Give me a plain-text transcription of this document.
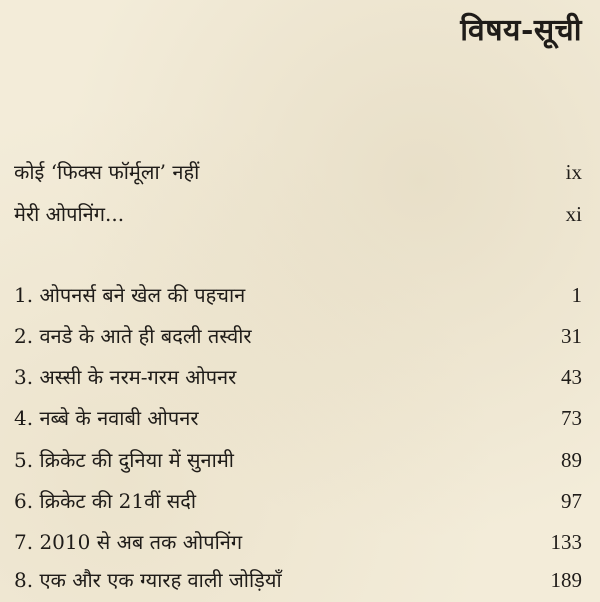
विषय-सूची
कोई ‘फिक्स फॉर्मूला’ नहीं	ix
मेरी ओपनिंग...	xi
1. ओपनर्स बने खेल की पहचान	1
2. वनडे के आते ही बदली तस्वीर	31
3. अस्सी के नरम-गरम ओपनर	43
4. नब्बे के नवाबी ओपनर	73
5. क्रिकेट की दुनिया में सुनामी	89
6. क्रिकेट की 21वीं सदी	97
7. 2010 से अब तक ओपनिंग	133
8. एक और एक ग्यारह वाली जोड़ियाँ	189
